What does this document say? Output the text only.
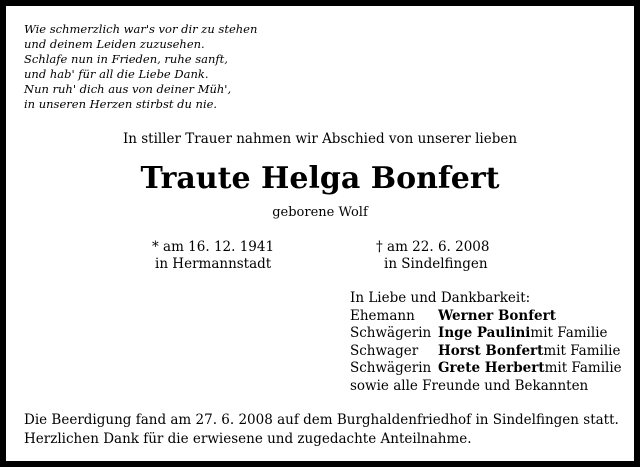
Wie schmerzlich war's vor dir zu stehen
und deinem Leiden zuzusehen.
Schlafe nun in Frieden, ruhe sanft,
und hab' für all die Liebe Dank.
Nun ruh' dich aus von deiner Müh',
in unseren Herzen stirbst du nie.
In stiller Trauer nahmen wir Abschied von unserer lieben
Traute Helga Bonfert
geborene Wolf
* am 16. 12. 1941
in Hermannstadt
† am 22. 6. 2008
in Sindelfingen
In Liebe und Dankbarkeit:
Ehemann	Werner Bonfert
Schwägerin Inge Paulini mit Familie
Schwager	Horst Bonfert mit Familie
Schwägerin Grete Herbert mit Familie
sowie alle Freunde und Bekannten
Die Beerdigung fand am 27. 6. 2008 auf dem Burghaldenfriedhof in Sindelfingen statt.
Herzlichen Dank für die erwiesene und zugedachte Anteilnahme.
